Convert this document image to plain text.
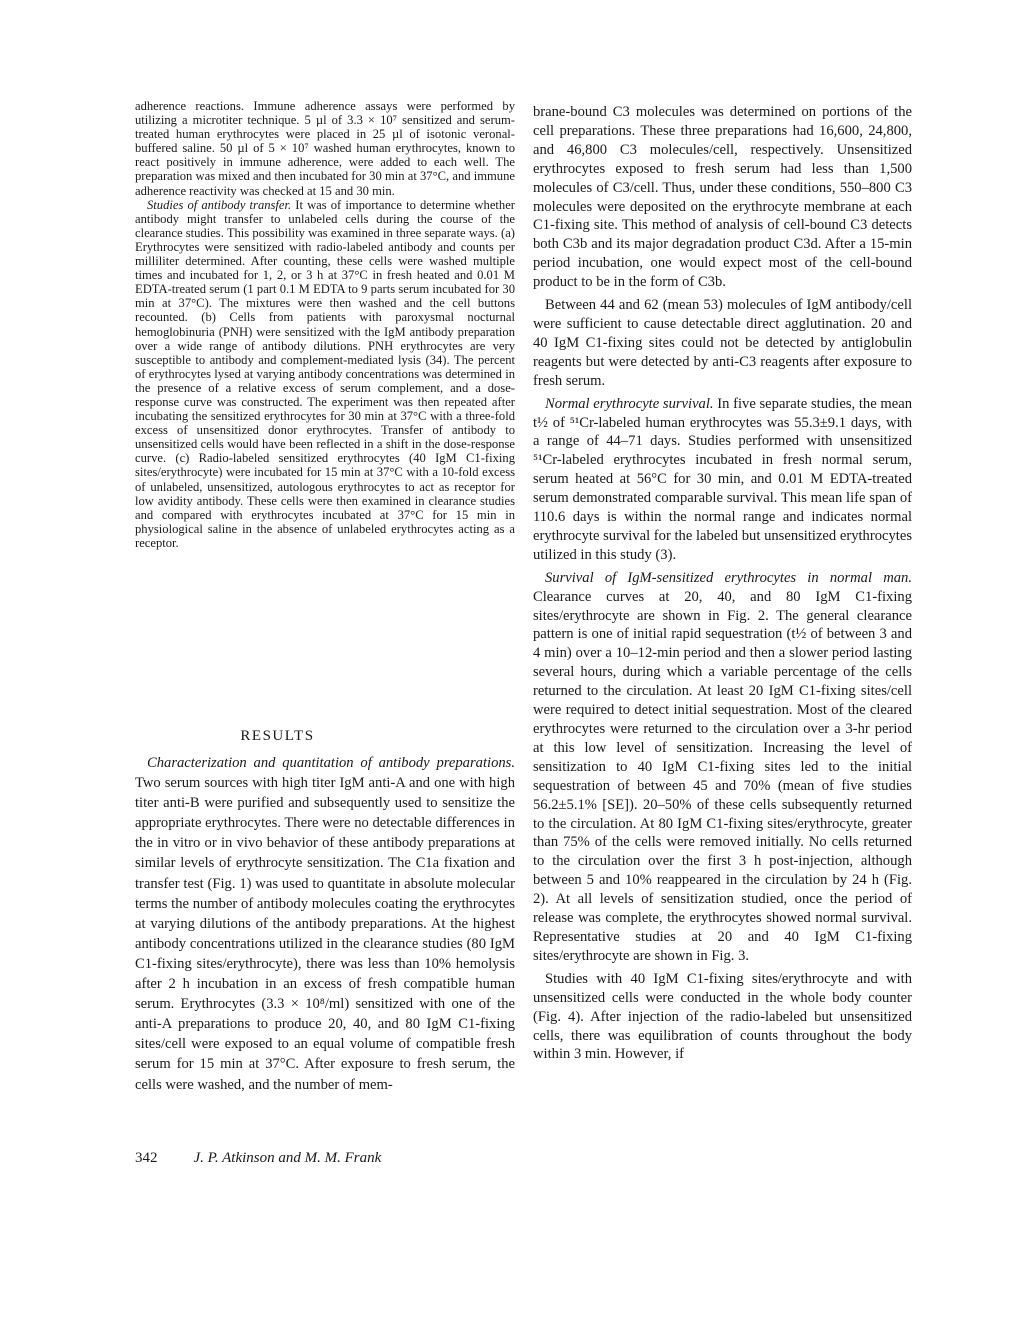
adherence reactions. Immune adherence assays were performed by utilizing a microtiter technique. 5 µl of 3.3 × 10⁷ sensitized and serum-treated human erythrocytes were placed in 25 µl of isotonic veronal-buffered saline. 50 µl of 5 × 10⁷ washed human erythrocytes, known to react positively in immune adherence, were added to each well. The preparation was mixed and then incubated for 30 min at 37°C, and immune adherence reactivity was checked at 15 and 30 min.

Studies of antibody transfer. It was of importance to determine whether antibody might transfer to unlabeled cells during the course of the clearance studies. This possibility was examined in three separate ways. (a) Erythrocytes were sensitized with radio-labeled antibody and counts per milliliter determined. After counting, these cells were washed multiple times and incubated for 1, 2, or 3 h at 37°C in fresh heated and 0.01 M EDTA-treated serum (1 part 0.1 M EDTA to 9 parts serum incubated for 30 min at 37°C). The mixtures were then washed and the cell buttons recounted. (b) Cells from patients with paroxysmal nocturnal hemoglobinuria (PNH) were sensitized with the IgM antibody preparation over a wide range of antibody dilutions. PNH erythrocytes are very susceptible to antibody and complement-mediated lysis (34). The percent of erythrocytes lysed at varying antibody concentrations was determined in the presence of a relative excess of serum complement, and a dose-response curve was constructed. The experiment was then repeated after incubating the sensitized erythrocytes for 30 min at 37°C with a three-fold excess of unsensitized donor erythrocytes. Transfer of antibody to unsensitized cells would have been reflected in a shift in the dose-response curve. (c) Radio-labeled sensitized erythrocytes (40 IgM C1-fixing sites/erythrocyte) were incubated for 15 min at 37°C with a 10-fold excess of unlabeled, unsensitized, autologous erythrocytes to act as receptor for low avidity antibody. These cells were then examined in clearance studies and compared with erythrocytes incubated at 37°C for 15 min in physiological saline in the absence of unlabeled erythrocytes acting as a receptor.

RESULTS

Characterization and quantitation of antibody preparations. Two serum sources with high titer IgM anti-A and one with high titer anti-B were purified and subsequently used to sensitize the appropriate erythrocytes. There were no detectable differences in the in vitro or in vivo behavior of these antibody preparations at similar levels of erythrocyte sensitization. The C1a fixation and transfer test (Fig. 1) was used to quantitate in absolute molecular terms the number of antibody molecules coating the erythrocytes at varying dilutions of the antibody preparations. At the highest antibody concentrations utilized in the clearance studies (80 IgM C1-fixing sites/erythrocyte), there was less than 10% hemolysis after 2 h incubation in an excess of fresh compatible human serum. Erythrocytes (3.3 × 10⁸/ml) sensitized with one of the anti-A preparations to produce 20, 40, and 80 IgM C1-fixing sites/cell were exposed to an equal volume of compatible fresh serum for 15 min at 37°C. After exposure to fresh serum, the cells were washed, and the number of mem-

brane-bound C3 molecules was determined on portions of the cell preparations. These three preparations had 16,600, 24,800, and 46,800 C3 molecules/cell, respectively. Unsensitized erythrocytes exposed to fresh serum had less than 1,500 molecules of C3/cell. Thus, under these conditions, 550–800 C3 molecules were deposited on the erythrocyte membrane at each C1-fixing site. This method of analysis of cell-bound C3 detects both C3b and its major degradation product C3d. After a 15-min period incubation, one would expect most of the cell-bound product to be in the form of C3b.

Between 44 and 62 (mean 53) molecules of IgM antibody/cell were sufficient to cause detectable direct agglutination. 20 and 40 IgM C1-fixing sites could not be detected by antiglobulin reagents but were detected by anti-C3 reagents after exposure to fresh serum.

Normal erythrocyte survival. In five separate studies, the mean t½ of ⁵¹Cr-labeled human erythrocytes was 55.3±9.1 days, with a range of 44–71 days. Studies performed with unsensitized ⁵¹Cr-labeled erythrocytes incubated in fresh normal serum, serum heated at 56°C for 30 min, and 0.01 M EDTA-treated serum demonstrated comparable survival. This mean life span of 110.6 days is within the normal range and indicates normal erythrocyte survival for the labeled but unsensitized erythrocytes utilized in this study (3).

Survival of IgM-sensitized erythrocytes in normal man. Clearance curves at 20, 40, and 80 IgM C1-fixing sites/erythrocyte are shown in Fig. 2. The general clearance pattern is one of initial rapid sequestration (t½ of between 3 and 4 min) over a 10–12-min period and then a slower period lasting several hours, during which a variable percentage of the cells returned to the circulation. At least 20 IgM C1-fixing sites/cell were required to detect initial sequestration. Most of the cleared erythrocytes were returned to the circulation over a 3-hr period at this low level of sensitization. Increasing the level of sensitization to 40 IgM C1-fixing sites led to the initial sequestration of between 45 and 70% (mean of five studies 56.2±5.1% [SE]). 20–50% of these cells subsequently returned to the circulation. At 80 IgM C1-fixing sites/erythrocyte, greater than 75% of the cells were removed initially. No cells returned to the circulation over the first 3 h post-injection, although between 5 and 10% reappeared in the circulation by 24 h (Fig. 2). At all levels of sensitization studied, once the period of release was complete, the erythrocytes showed normal survival. Representative studies at 20 and 40 IgM C1-fixing sites/erythrocyte are shown in Fig. 3.

Studies with 40 IgM C1-fixing sites/erythrocyte and with unsensitized cells were conducted in the whole body counter (Fig. 4). After injection of the radio-labeled but unsensitized cells, there was equilibration of counts throughout the body within 3 min. However, if

342 J. P. Atkinson and M. M. Frank
